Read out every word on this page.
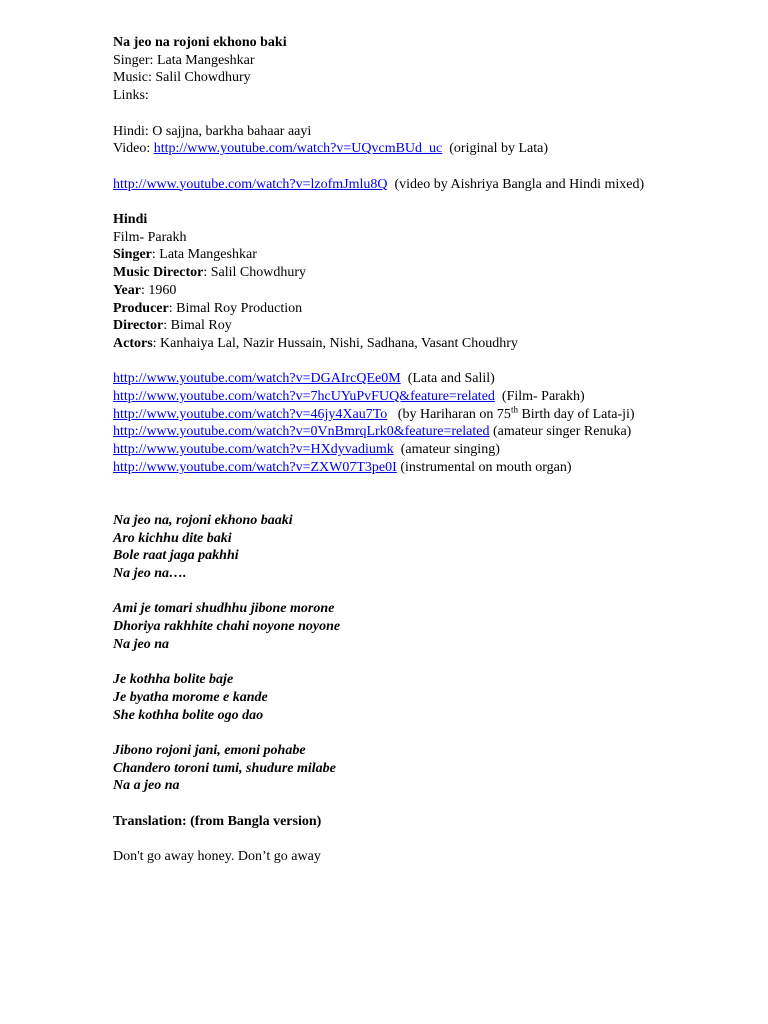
Na jeo na rojoni ekhono baki
Singer: Lata Mangeshkar
Music: Salil Chowdhury
Links:
Hindi: O sajjna, barkha bahaar aayi
Video: http://www.youtube.com/watch?v=UQvcmBUd_uc (original by Lata)
http://www.youtube.com/watch?v=lzofmJmlu8Q (video by Aishriya Bangla and Hindi mixed)
Hindi
Film- Parakh
Singer: Lata Mangeshkar
Music Director: Salil Chowdhury
Year: 1960
Producer: Bimal Roy Production
Director: Bimal Roy
Actors: Kanhaiya Lal, Nazir Hussain, Nishi, Sadhana, Vasant Choudhry
http://www.youtube.com/watch?v=DGAIrcQEe0M (Lata and Salil)
http://www.youtube.com/watch?v=7hcUYuPvFUQ&feature=related (Film- Parakh)
http://www.youtube.com/watch?v=46jy4Xau7To (by Hariharan on 75th Birth day of Lata-ji)
http://www.youtube.com/watch?v=0VnBmrqLrk0&feature=related (amateur singer Renuka)
http://www.youtube.com/watch?v=HXdyvadiumk (amateur singing)
http://www.youtube.com/watch?v=ZXW07T3pe0I (instrumental on mouth organ)
Na jeo na, rojoni ekhono baaki
Aro kichhu dite baki
Bole raat jaga pakhhi
Na jeo na….
Ami je tomari shudhhu jibone morone
Dhoriya rakhhite chahi noyone noyone
Na jeo na
Je kothha bolite baje
Je byatha morome e kande
She kothha bolite ogo dao
Jibono rojoni jani, emoni pohabe
Chandero toroni tumi, shudure milabe
Na a jeo na
Translation: (from Bangla version)
Don't go away honey. Don’t go away
